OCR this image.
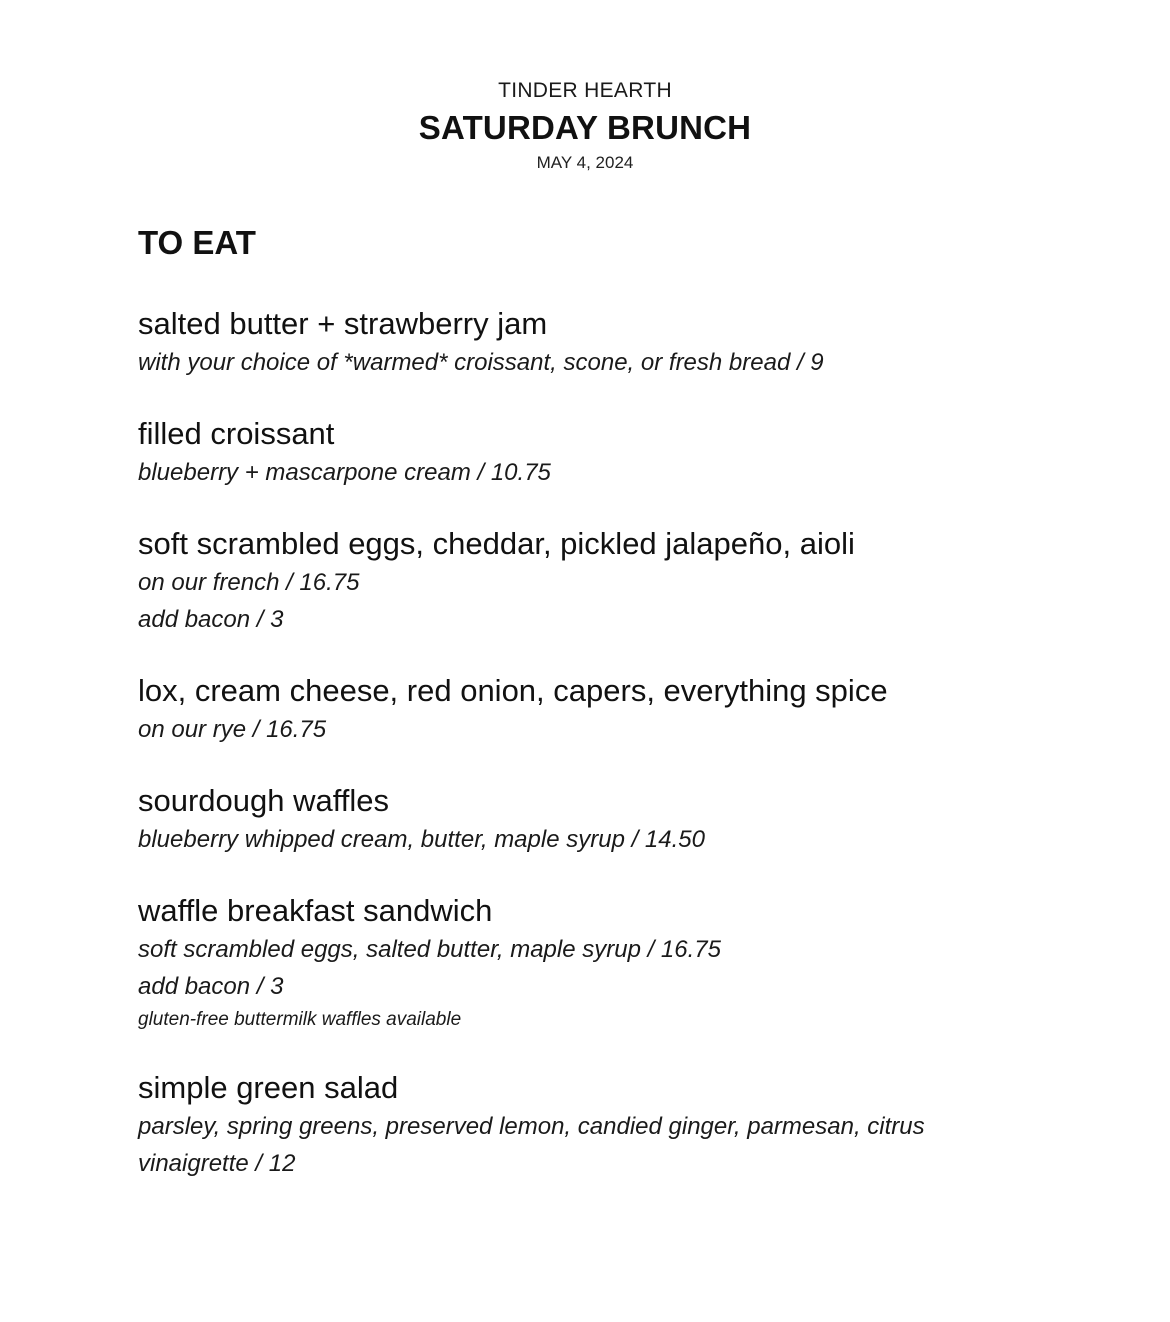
TINDER HEARTH
SATURDAY BRUNCH
MAY 4, 2024
TO EAT
salted butter + strawberry jam
with your choice of *warmed* croissant, scone, or fresh bread / 9
filled croissant
blueberry + mascarpone cream / 10.75
soft scrambled eggs, cheddar, pickled jalapeño, aioli
on our french / 16.75
add bacon / 3
lox, cream cheese, red onion, capers, everything spice
on our rye / 16.75
sourdough waffles
blueberry whipped cream, butter, maple syrup / 14.50
waffle breakfast sandwich
soft scrambled eggs, salted butter, maple syrup / 16.75
add bacon / 3
gluten-free buttermilk waffles available
simple green salad
parsley, spring greens, preserved lemon, candied ginger, parmesan, citrus
vinaigrette / 12
